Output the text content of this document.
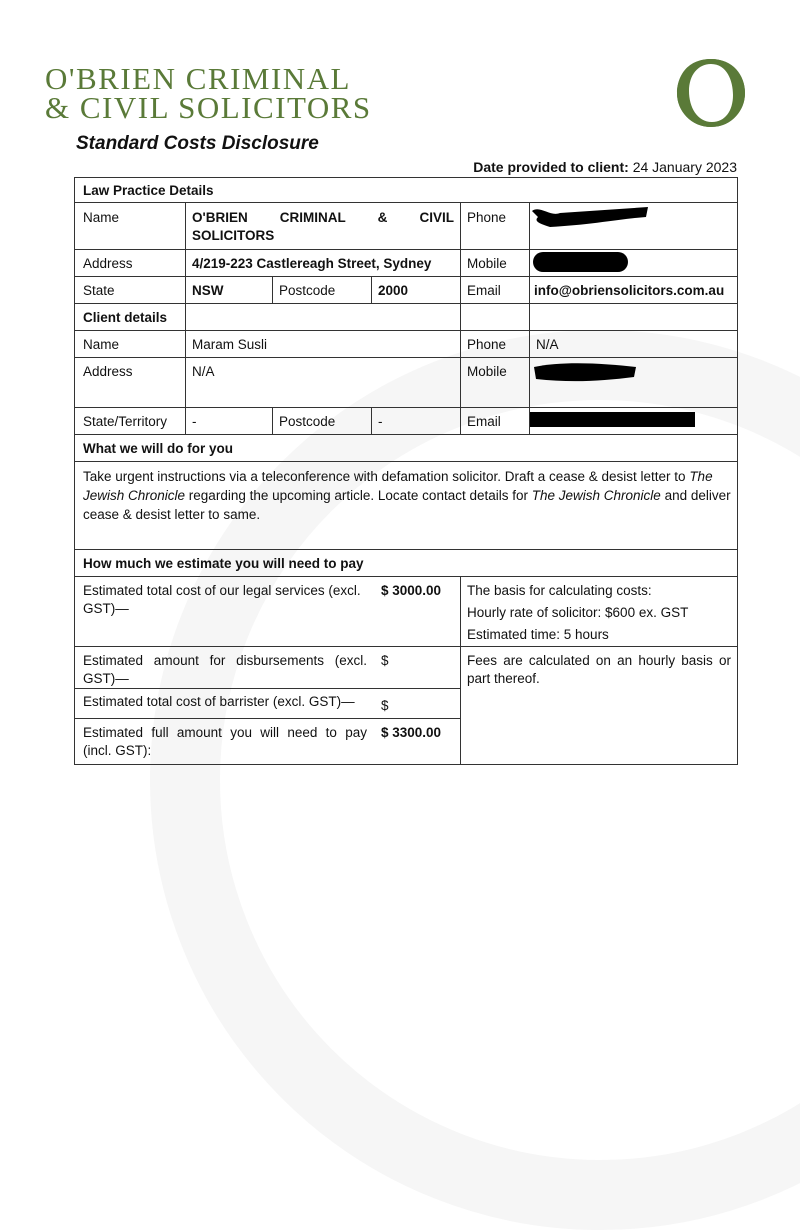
O'BRIEN CRIMINAL
& CIVIL SOLICITORS
Standard Costs Disclosure
Date provided to client: 24 January 2023
Law Practice Details
Name	O'BRIEN CRIMINAL & CIVIL
SOLICITORS
Phone
Address	4/219-223 Castlereagh Street, Sydney	Mobile
State	NSW	Postcode	2000	Email	info@obriensolicitors.com.au
Client details
Name	Maram Susli	Phone	N/A
Address	N/A	Mobile
State/Territory	-	Postcode	-	Email
What we will do for you
Take urgent instructions via a teleconference with defamation solicitor. Draft a cease & desist letter to The
Jewish Chronicle regarding the upcoming article. Locate contact details for The Jewish Chronicle and deliver
cease & desist letter to same.
How much we estimate you will need to pay
Estimated total cost of our legal services (excl.
GST)—
$ 3000.00	The basis for calculating costs:
Hourly rate of solicitor: $600 ex. GST
Estimated time: 5 hours
Estimated amount for disbursements (excl.
GST)—
$	Fees are calculated on an hourly basis or
part thereof.
Estimated total cost of barrister (excl. GST)—	$
Estimated full amount you will need to pay
(incl. GST):
$ 3300.00
